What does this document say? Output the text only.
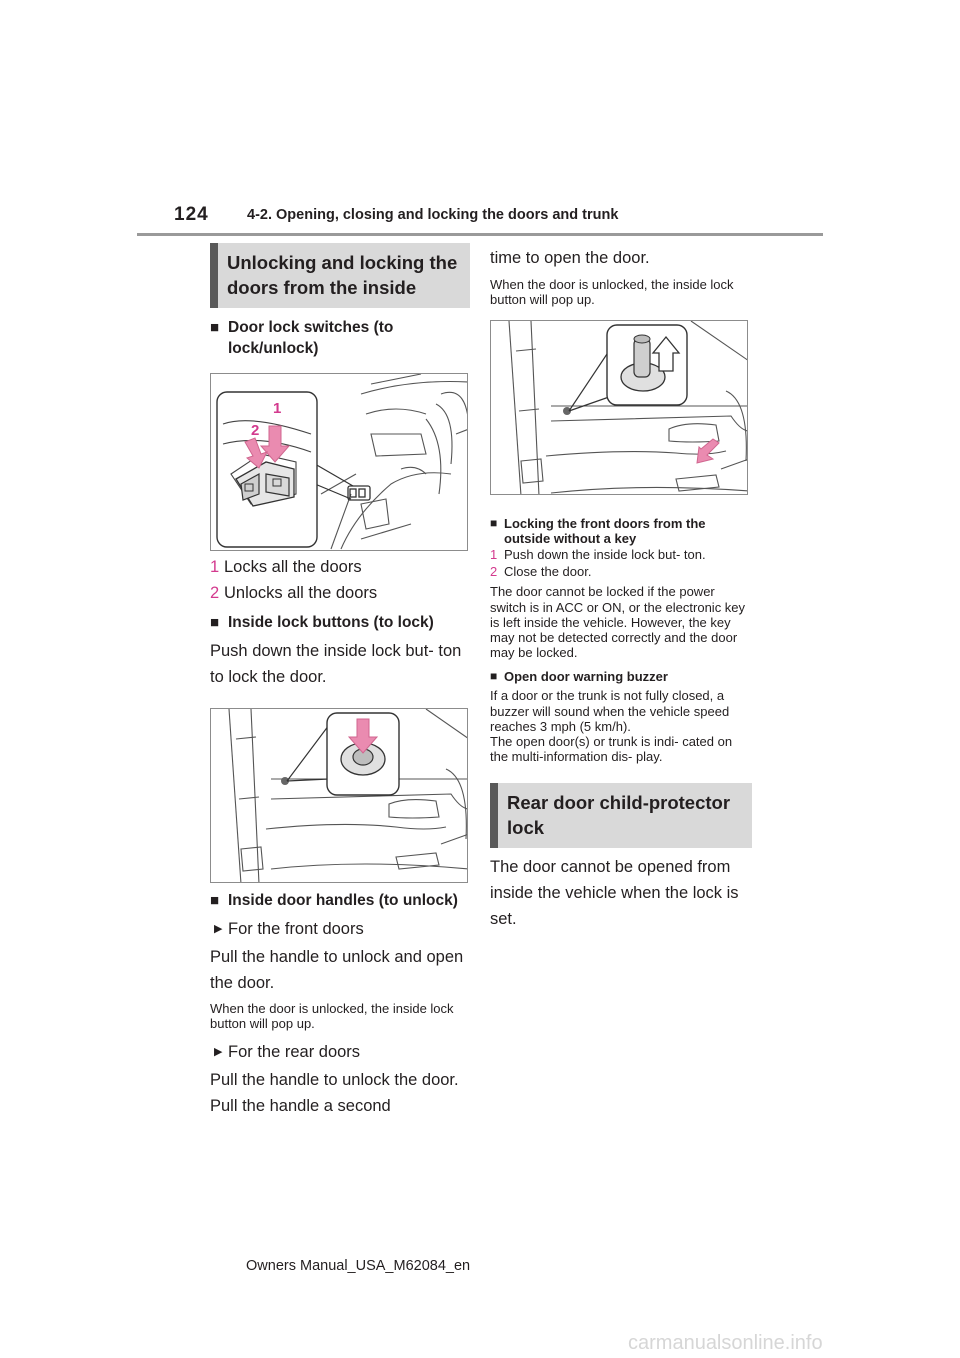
124	4-2. Opening, closing and locking the doors and trunk
Unlocking and locking the doors from the inside
■ Door lock switches (to lock/unlock)
1
2
1 Locks all the doors
2 Unlocks all the doors
■ Inside lock buttons (to lock)
Push down the inside lock but- ton to lock the door.
■ Inside door handles (to unlock)
▶ For the front doors
Pull the handle to unlock and open the door.
When the door is unlocked, the inside lock button will pop up.
▶ For the rear doors
Pull the handle to unlock the door. Pull the handle a second
time to open the door.
When the door is unlocked, the inside lock button will pop up.
■ Locking the front doors from the outside without a key
1 Push down the inside lock but- ton.
2 Close the door.
The door cannot be locked if the power switch is in ACC or ON, or the electronic key is left inside the vehicle. However, the key may not be detected correctly and the door may be locked.
■ Open door warning buzzer
If a door or the trunk is not fully closed, a buzzer will sound when the vehicle speed reaches 3 mph (5 km/h).
The open door(s) or trunk is indi- cated on the multi-information dis- play.
Rear door child-protector lock
The door cannot be opened from inside the vehicle when the lock is set.
Owners Manual_USA_M62084_en
carmanualsonline.info
